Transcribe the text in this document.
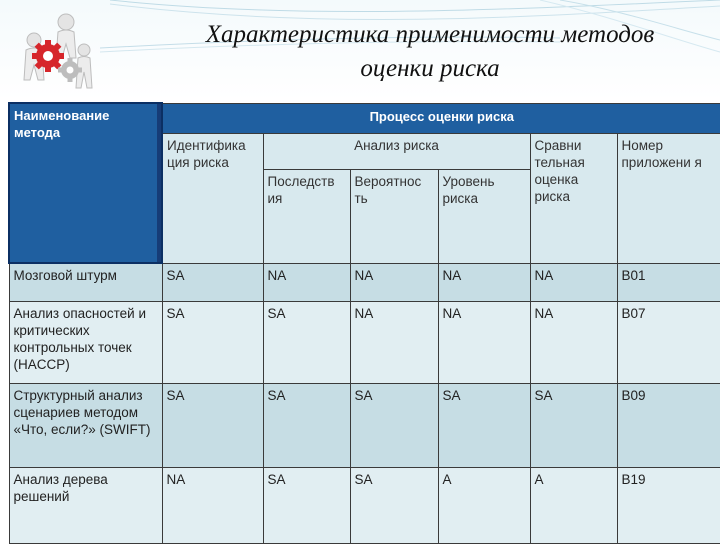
Характеристика применимости методов
оценки риска
Наименование метода	Процесс оценки риска					
	Идентифика ция риска	Анализ риска			Сравни тельная оценка риска	Номер приложени я
		Последств ия	Вероятнос ть	Уровень риска		
Мозговой штурм	SA	NA	NA	NA	NA	B01
Анализ опасностей и критических контрольных точек (HACCP)	SA	SA	NA	NA	NA	B07
Структурный анализ сценариев методом «Что, если?» (SWIFT)	SA	SA	SA	SA	SA	B09
Анализ дерева решений	NA	SA	SA	A	A	B19
